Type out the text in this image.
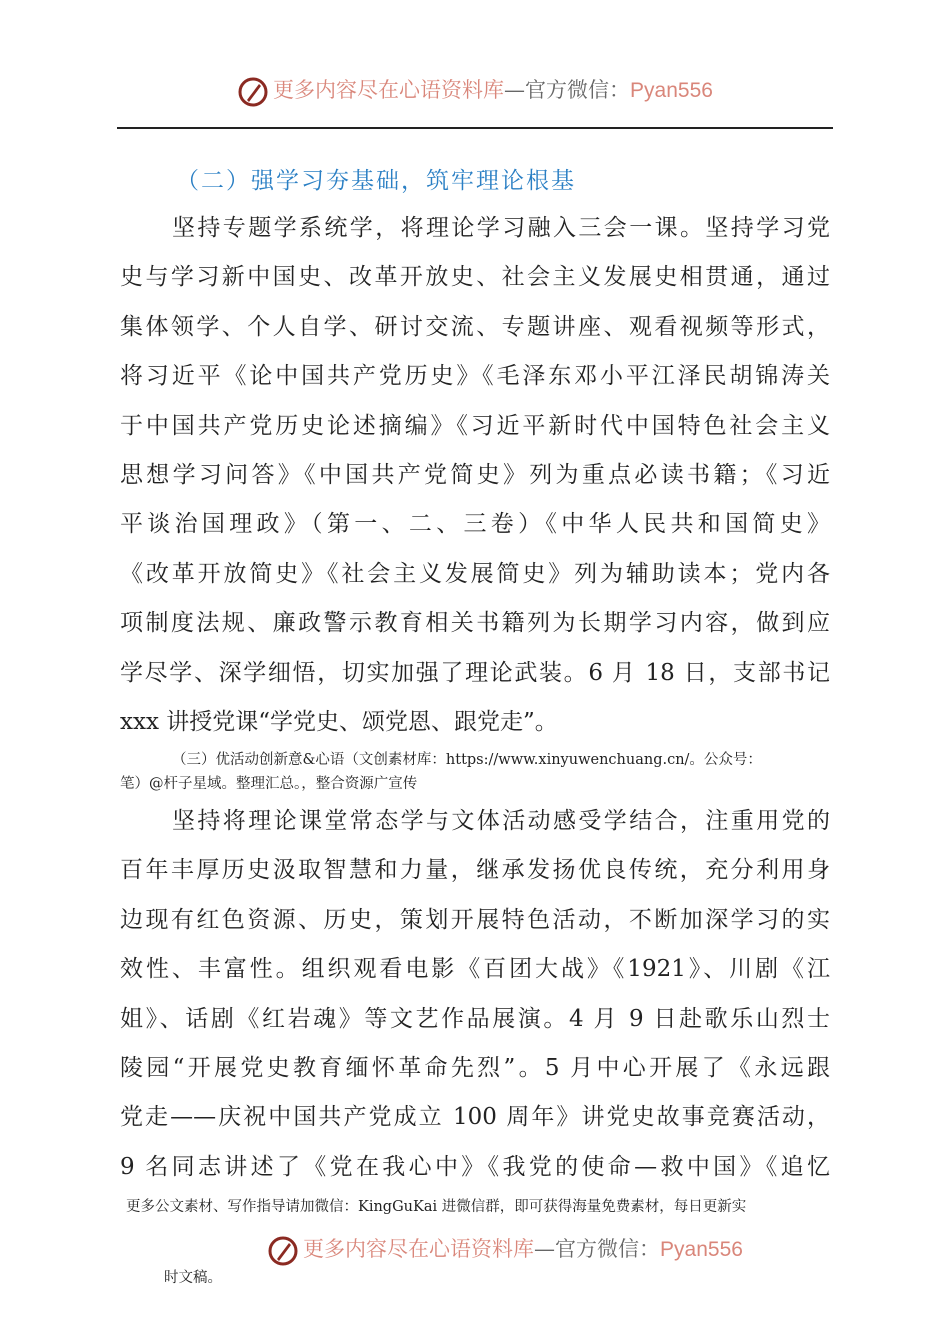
更多内容尽在心语资料库—官方微信：Pyan556
（二）强学习夯基础，筑牢理论根基
坚持专题学系统学，将理论学习融入三会一课。坚持学习党
史与学习新中国史、改革开放史、社会主义发展史相贯通，通过
集体领学、个人自学、研讨交流、专题讲座、观看视频等形式，
将习近平《论中国共产党历史》《毛泽东邓小平江泽民胡锦涛关
于中国共产党历史论述摘编》《习近平新时代中国特色社会主义
思想学习问答》《中国共产党简史》列为重点必读书籍；《习近
平谈治国理政》（第一、二、三卷）《中华人民共和国简史》
《改革开放简史》《社会主义发展简史》列为辅助读本；党内各
项制度法规、廉政警示教育相关书籍列为长期学习内容，做到应
学尽学、深学细悟，切实加强了理论武装。6 月 18 日，支部书记
xxx 讲授党课“学党史、颂党恩、跟党走”。
（三）优活动创新意&心语（文创素材库：https://www.xinyuwenchuang.cn/。公众号：
笔）@杆子星域。整理汇总。，整合资源广宣传
坚持将理论课堂常态学与文体活动感受学结合，注重用党的
百年丰厚历史汲取智慧和力量，继承发扬优良传统，充分利用身
边现有红色资源、历史，策划开展特色活动，不断加深学习的实
效性、丰富性。组织观看电影《百团大战》《1921》、川剧《江
姐》、话剧《红岩魂》等文艺作品展演。4 月 9 日赴歌乐山烈士
陵园“开展党史教育缅怀革命先烈”。5 月中心开展了《永远跟
党走——庆祝中国共产党成立 100 周年》讲党史故事竞赛活动，
9 名同志讲述了《党在我心中》《我党的使命—救中国》《追忆
更多公文素材、写作指导请加微信：KingGuKai 进微信群，即可获得海量免费素材，每日更新实
更多内容尽在心语资料库—官方微信：Pyan556
时文稿。
